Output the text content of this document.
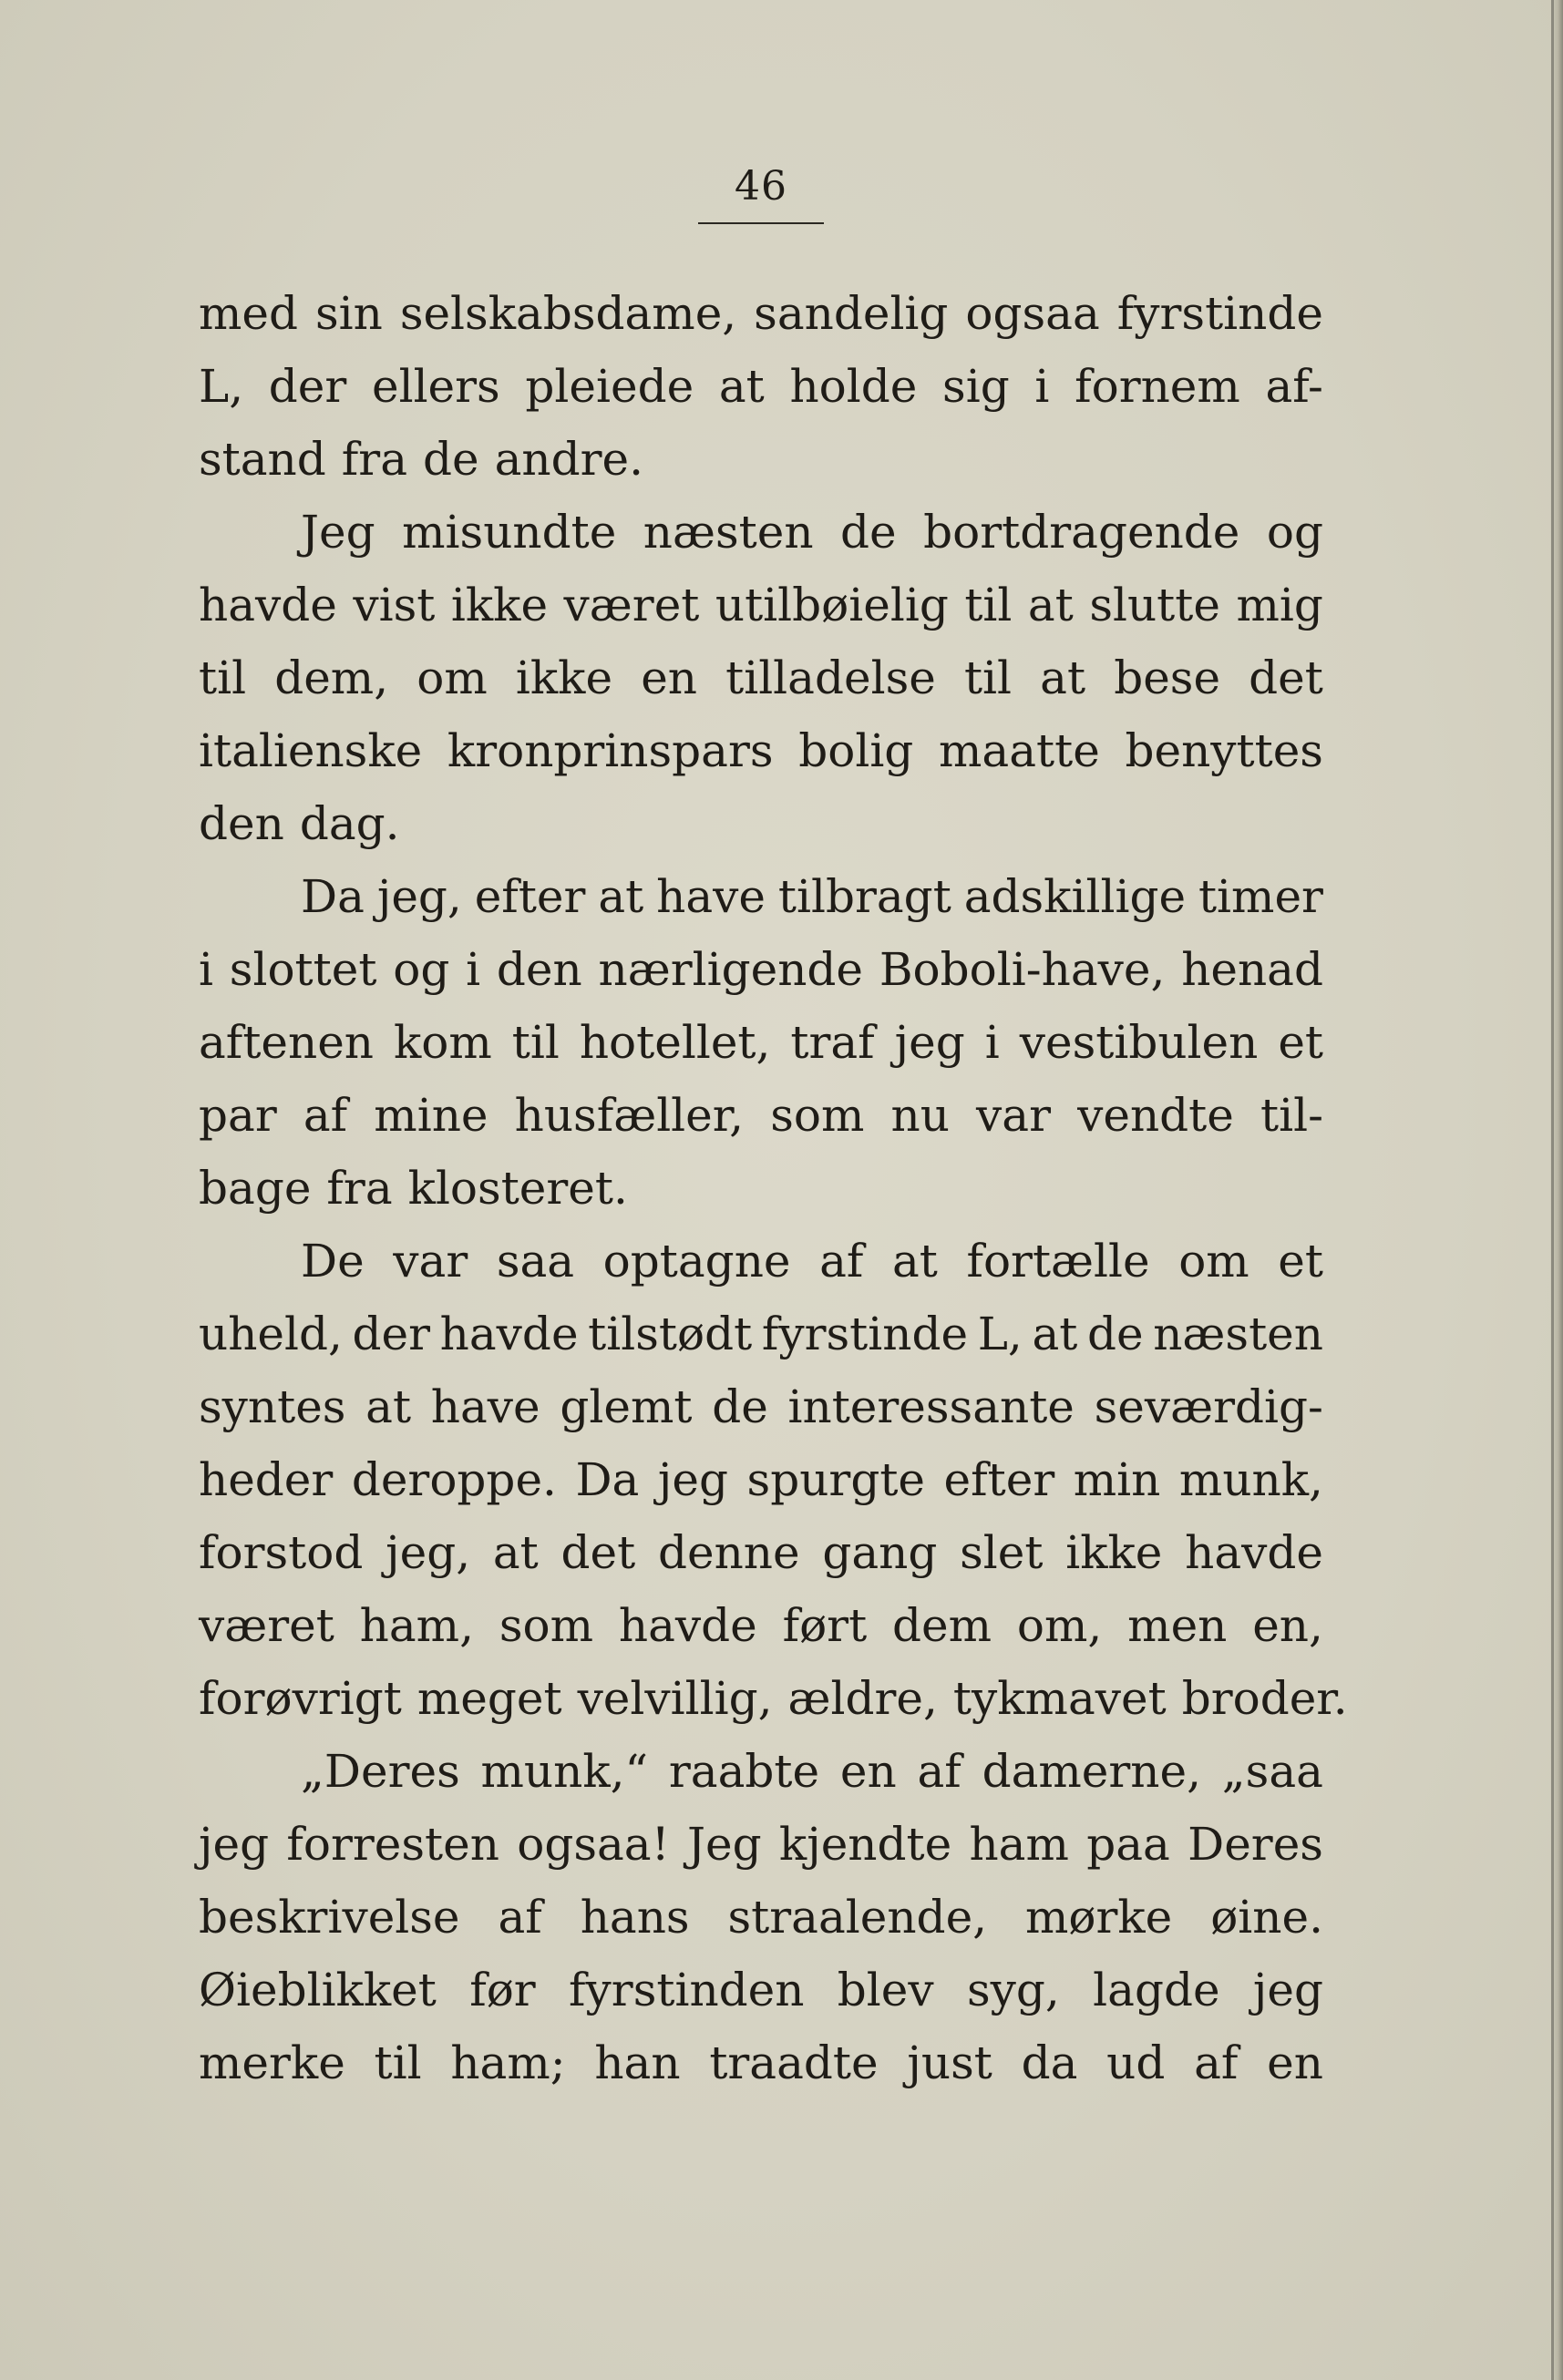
46
med sin selskabsdame, sandelig ogsaa fyrstinde
L, der ellers pleiede at holde sig i fornem af-
stand fra de andre.
Jeg misundte næsten de bortdragende og
havde vist ikke været utilbøielig til at slutte mig
til dem, om ikke en tilladelse til at bese det
italienske kronprinspars bolig maatte benyttes
den dag.
Da jeg, efter at have tilbragt adskillige timer
i slottet og i den nærligende Boboli-have, henad
aftenen kom til hotellet, traf jeg i vestibulen et
par af mine husfæller, som nu var vendte til-
bage fra klosteret.
De var saa optagne af at fortælle om et
uheld, der havde tilstødt fyrstinde L, at de næsten
syntes at have glemt de interessante seværdig-
heder deroppe. Da jeg spurgte efter min munk,
forstod jeg, at det denne gang slet ikke havde
været ham, som havde ført dem om, men en,
forøvrigt meget velvillig, ældre, tykmavet broder.
„Deres munk,“ raabte en af damerne, „saa
jeg forresten ogsaa! Jeg kjendte ham paa Deres
beskrivelse af hans straalende, mørke øine.
Øieblikket før fyrstinden blev syg, lagde jeg
merke til ham; han traadte just da ud af en
